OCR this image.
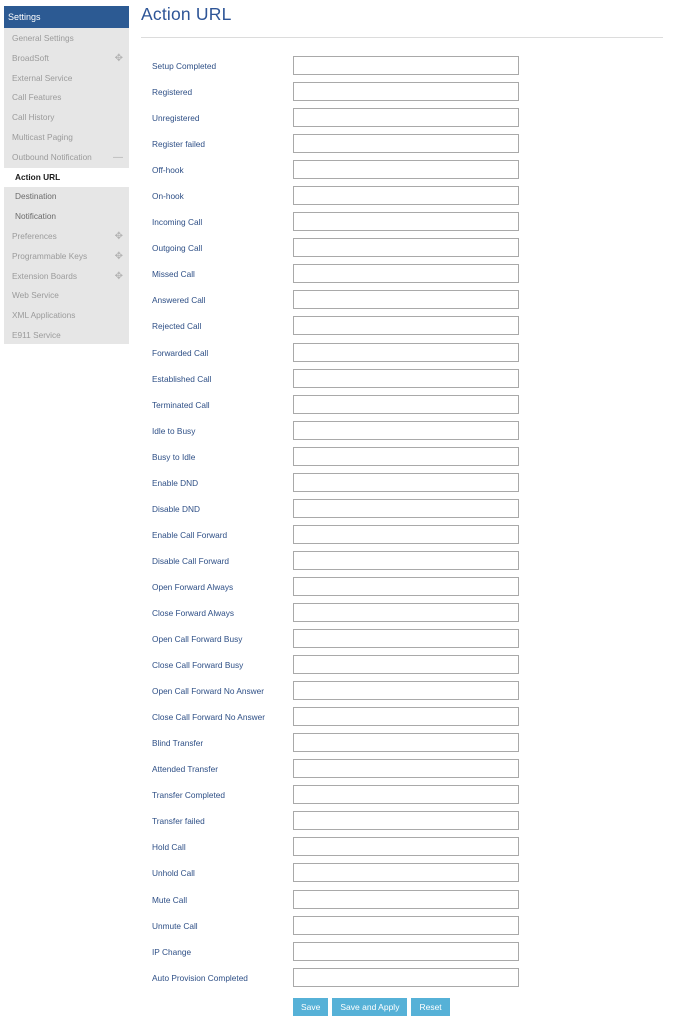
Settings
General Settings
BroadSoft	✥
External Service
Call Features
Call History
Multicast Paging
Outbound Notification —
Action URL
Destination
Notification
Preferences	✥
Programmable Keys	✥
Extension Boards	✥
Web Service
XML Applications
E911 Service
Action URL
Setup Completed
Registered
Unregistered
Register failed
Off-hook
On-hook
Incoming Call
Outgoing Call
Missed Call
Answered Call
Rejected Call
Forwarded Call
Established Call
Terminated Call
Idle to Busy
Busy to Idle
Enable DND
Disable DND
Enable Call Forward
Disable Call Forward
Open Forward Always
Close Forward Always
Open Call Forward Busy
Close Call Forward Busy
Open Call Forward No Answer
Close Call Forward No Answer
Blind Transfer
Attended Transfer
Transfer Completed
Transfer failed
Hold Call
Unhold Call
Mute Call
Unmute Call
IP Change
Auto Provision Completed
Save	Save and Apply	Reset
